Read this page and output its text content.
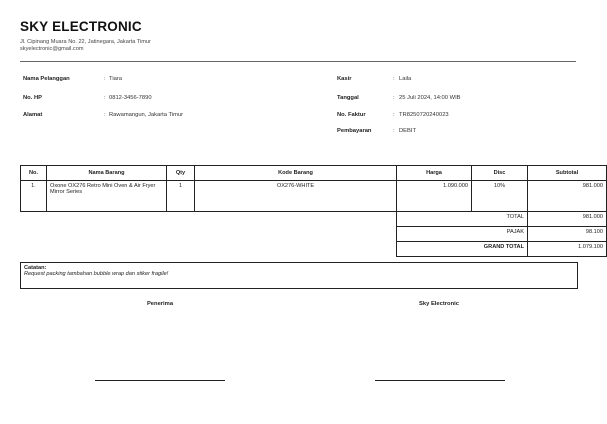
SKY ELECTRONIC
Jl. Cipinang Muara No. 22, Jatinegara, Jakarta Timur
skyelectronic@gmail.com
Nama Pelanggan	: Tiara
No. HP	: 0812-3456-7890
Alamat	: Rawamangun, Jakarta Timur
Kasir	: Laila
Tanggal	: 25 Juli 2024, 14:00 WIB
No. Faktur	: TR8250720240023
Pembayaran	: DEBIT
No.	Nama Barang	Qty	Kode Barang	Harga	Disc	Subtotal
1.	Oxone OX276 Retro Mini Oven & Air Fryer Mirror Series	1	OX276-WHITE	1.090.000	10%	981.000
				TOTAL		981.000
				PAJAK		98.100
				GRAND TOTAL		1.079.100
Catatan:
Request packing tambahan bubble wrap dan stiker fragile!
Penerima	Sky Electronic
